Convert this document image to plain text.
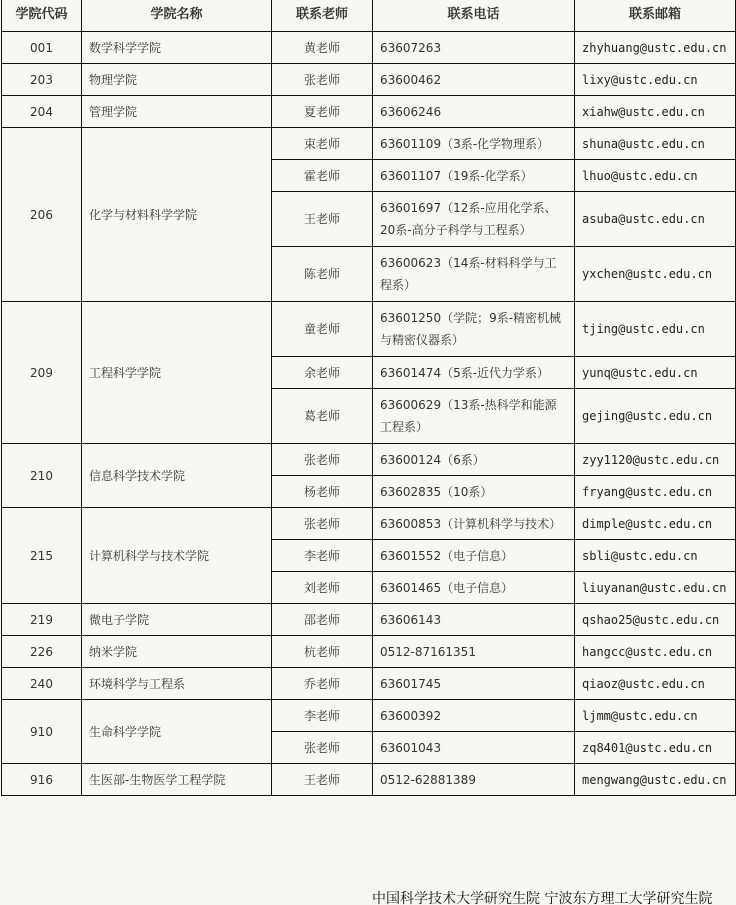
学院代码	学院名称	联系老师	联系电话	联系邮箱
001	数学科学学院	黄老师	63607263	zhyhuang@ustc.edu.cn
203	物理学院	张老师	63600462	lixy@ustc.edu.cn
204	管理学院	夏老师	63606246	xiahw@ustc.edu.cn
206	化学与材料科学学院	束老师	63601109（3系-化学物理系）	shuna@ustc.edu.cn
		霍老师	63601107（19系-化学系）	lhuo@ustc.edu.cn
		王老师	63601697（12系-应用化学系、20系-高分子科学与工程系）	asuba@ustc.edu.cn
		陈老师	63600623（14系-材料科学与工程系）	yxchen@ustc.edu.cn
209	工程科学学院	童老师	63601250（学院；9系-精密机械与精密仪器系）	tjing@ustc.edu.cn
		余老师	63601474（5系-近代力学系）	yunq@ustc.edu.cn
		葛老师	63600629（13系-热科学和能源工程系）	gejing@ustc.edu.cn
210	信息科学技术学院	张老师	63600124（6系）	zyy1120@ustc.edu.cn
		杨老师	63602835（10系）	fryang@ustc.edu.cn
215	计算机科学与技术学院	张老师	63600853（计算机科学与技术）	dimple@ustc.edu.cn
		李老师	63601552（电子信息）	sbli@ustc.edu.cn
		刘老师	63601465（电子信息）	liuyanan@ustc.edu.cn
219	微电子学院	邵老师	63606143	qshao25@ustc.edu.cn
226	纳米学院	杭老师	0512-87161351	hangcc@ustc.edu.cn
240	环境科学与工程系	乔老师	63601745	qiaoz@ustc.edu.cn
910	生命科学学院	李老师	63600392	ljmm@ustc.edu.cn
		张老师	63601043	zq8401@ustc.edu.cn
916	生医部-生物医学工程学院	王老师	0512-62881389	mengwang@ustc.edu.cn
中国科学技术大学研究生院 宁波东方理工大学研究生院
